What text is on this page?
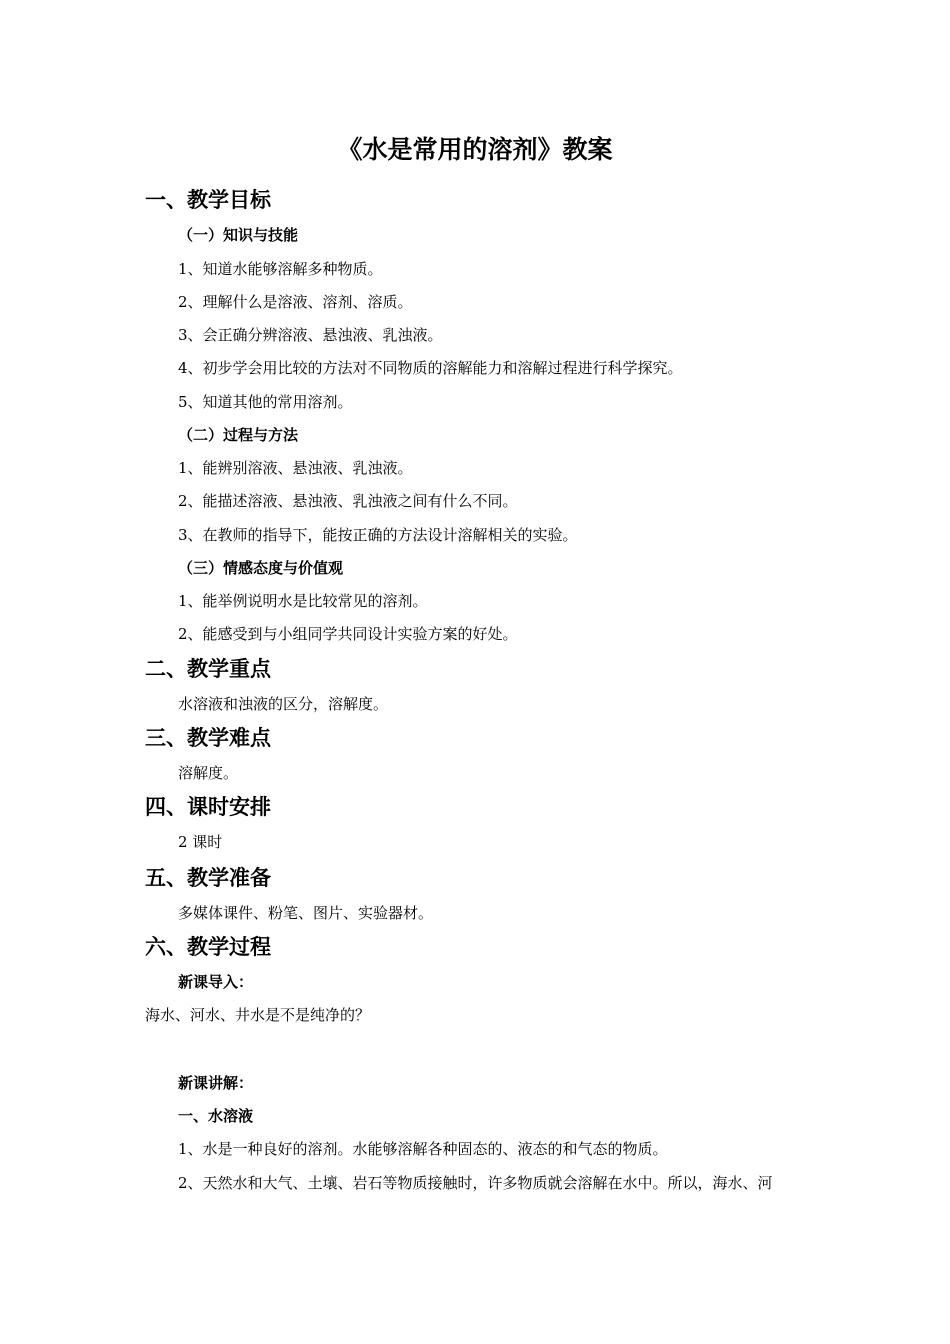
《水是常用的溶剂》教案
一、教学目标
（一）知识与技能
1、知道水能够溶解多种物质。
2、理解什么是溶液、溶剂、溶质。
3、会正确分辨溶液、悬浊液、乳浊液。
4、初步学会用比较的方法对不同物质的溶解能力和溶解过程进行科学探究。
5、知道其他的常用溶剂。
（二）过程与方法
1、能辨别溶液、悬浊液、乳浊液。
2、能描述溶液、悬浊液、乳浊液之间有什么不同。
3、在教师的指导下，能按正确的方法设计溶解相关的实验。
（三）情感态度与价值观
1、能举例说明水是比较常见的溶剂。
2、能感受到与小组同学共同设计实验方案的好处。
二、教学重点
水溶液和浊液的区分，溶解度。
三、教学难点
溶解度。
四、课时安排
2 课时
五、教学准备
多媒体课件、粉笔、图片、实验器材。
六、教学过程
新课导入：
海水、河水、井水是不是纯净的？
新课讲解：
一、水溶液
1、水是一种良好的溶剂。水能够溶解各种固态的、液态的和气态的物质。
2、天然水和大气、土壤、岩石等物质接触时，许多物质就会溶解在水中。所以，海水、河
